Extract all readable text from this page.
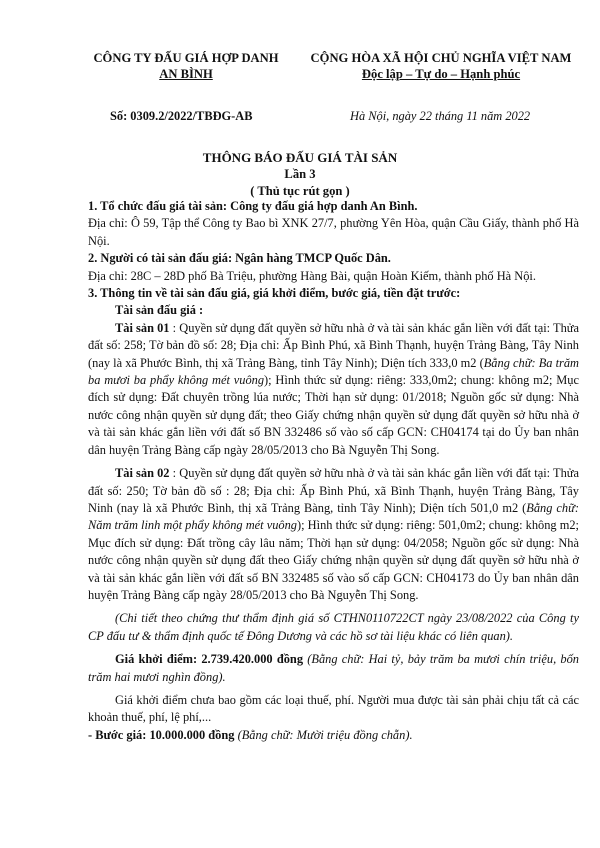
CÔNG TY ĐẤU GIÁ HỢP DANH
AN BÌNH
CỘNG HÒA XÃ HỘI CHỦ NGHĨA VIỆT NAM
Độc lập – Tự do – Hạnh phúc
Số: 0309.2/2022/TBĐG-AB	Hà Nội, ngày 22 tháng 11 năm 2022
THÔNG BÁO ĐẤU GIÁ TÀI SẢN
Lần 3
( Thủ tục rút gọn )

1. Tổ chức đấu giá tài sản: Công ty đấu giá hợp danh An Bình.

Địa chỉ: Ô 59, Tập thể Công ty Bao bì XNK 27/7, phường Yên Hòa, quận Cầu Giấy, thành phố Hà Nội.

2. Người có tài sản đấu giá: Ngân hàng TMCP Quốc Dân.

Địa chỉ: 28C – 28D phố Bà Triệu, phường Hàng Bài, quận Hoàn Kiếm, thành phố Hà Nội.

3. Thông tin về tài sản đấu giá, giá khởi điểm, bước giá, tiền đặt trước:

Tài sản đấu giá :

Tài sản 01 : Quyền sử dụng đất quyền sở hữu nhà ở và tài sản khác gắn liền với đất tại: Thửa đất số: 258; Tờ bản đồ số: 28; Địa chỉ: Ấp Bình Phú, xã Bình Thạnh, huyện Trảng Bàng, Tây Ninh (nay là xã Phước Bình, thị xã Trảng Bàng, tỉnh Tây Ninh); Diện tích 333,0 m2 (Bằng chữ: Ba trăm ba mươi ba phẩy không mét vuông); Hình thức sử dụng: riêng: 333,0m2; chung: không m2; Mục đích sử dụng: Đất chuyên trồng lúa nước; Thời hạn sử dụng: 01/2018; Nguồn gốc sử dụng: Nhà nước công nhận quyền sử dụng đất; theo Giấy chứng nhận quyền sử dụng đất quyền sở hữu nhà ở và tài sản khác gắn liền với đất số BN 332486 số vào số cấp GCN: CH04174 tại do Ủy ban nhân dân huyện Trảng Bàng cấp ngày 28/05/2013 cho Bà Nguyễn Thị Song.

Tài sản 02 : Quyền sử dụng đất quyền sở hữu nhà ở và tài sản khác gắn liền với đất tại: Thửa đất số: 250; Tờ bản đồ số : 28; Địa chỉ: Ấp Bình Phú, xã Bình Thạnh, huyện Trảng Bàng, Tây Ninh (nay là xã Phước Bình, thị xã Trảng Bàng, tỉnh Tây Ninh); Diện tích 501,0 m2 (Bằng chữ: Năm trăm linh một phẩy không mét vuông); Hình thức sử dụng: riêng: 501,0m2; chung: không m2; Mục đích sử dụng: Đất trồng cây lâu năm; Thời hạn sử dụng: 04/2058; Nguồn gốc sử dụng: Nhà nước công nhận quyền sử dụng đất theo Giấy chứng nhận quyền sử dụng đất quyền sở hữu nhà ở và tài sản khác gắn liền với đất số BN 332485 số vào số cấp GCN: CH04173 do Ủy ban nhân dân huyện Trảng Bàng cấp ngày 28/05/2013 cho Bà Nguyễn Thị Song.

(Chi tiết theo chứng thư thẩm định giá số CTHN0110722CT ngày 23/08/2022 của Công ty CP đấu tư & thẩm định quốc tế Đông Dương và các hồ sơ tài liệu khác có liên quan).

Giá khởi điểm: 2.739.420.000 đồng (Bằng chữ: Hai tỷ, bảy trăm ba mươi chín triệu, bốn trăm hai mươi nghìn đồng).

Giá khởi điểm chưa bao gồm các loại thuế, phí. Người mua được tài sản phải chịu tất cả các khoản thuế, phí, lệ phí,...

- Bước giá: 10.000.000 đồng (Bằng chữ: Mười triệu đồng chẵn).
